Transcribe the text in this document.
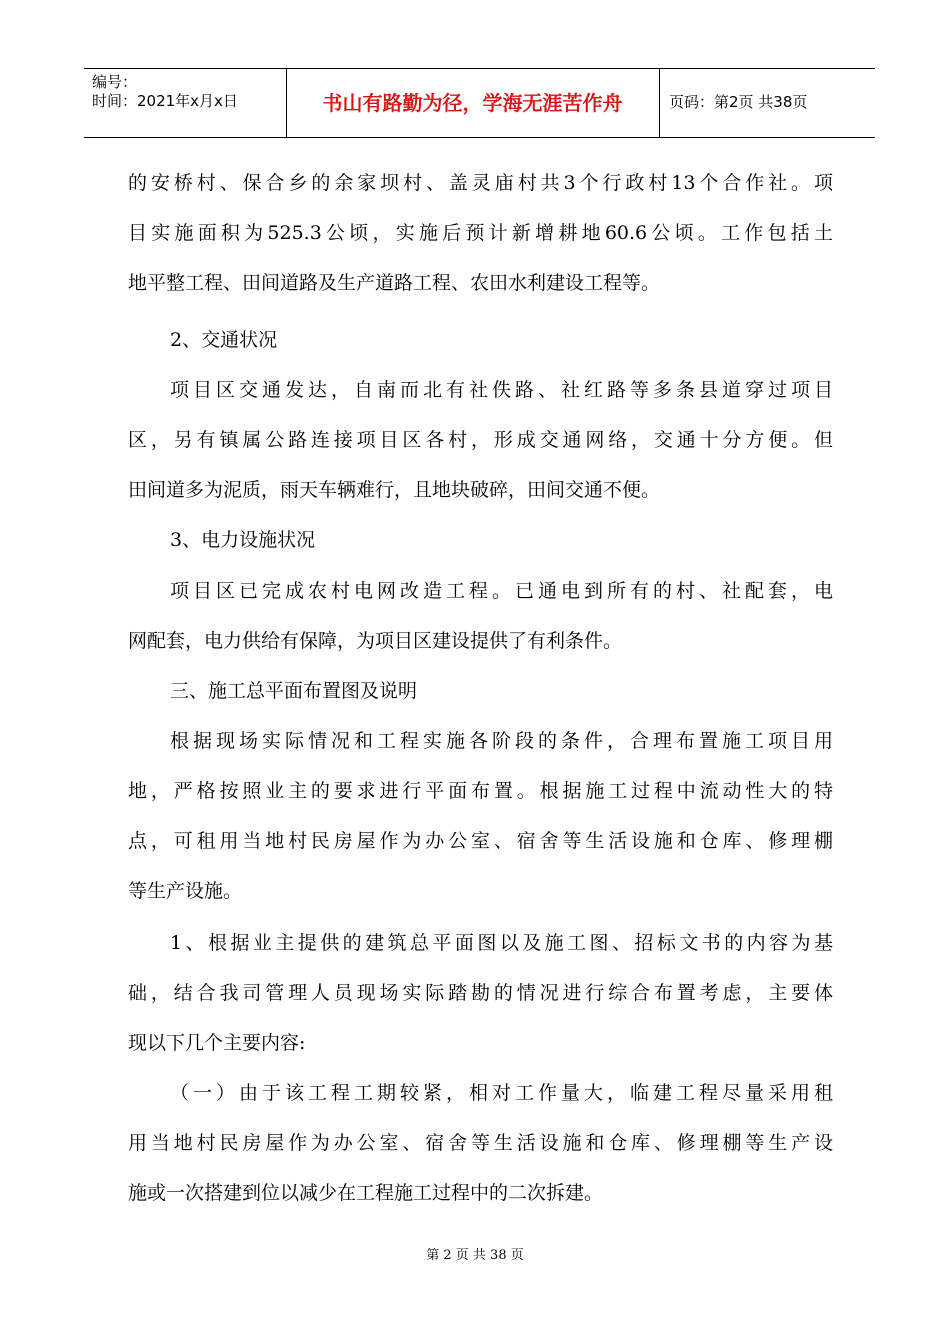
编号：
时间：2021年x月x日	书山有路勤为径，学海无涯苦作舟	页码：第2页 共38页
的安桥村、保合乡的余家坝村、盖灵庙村共3个行政村13个合作社。项
目实施面积为525.3公顷，实施后预计新增耕地60.6公顷。工作包括土
地平整工程、田间道路及生产道路工程、农田水利建设工程等。
2、交通状况
项目区交通发达，自南而北有社佚路、社红路等多条县道穿过项目
区，另有镇属公路连接项目区各村，形成交通网络，交通十分方便。但
田间道多为泥质，雨天车辆难行，且地块破碎，田间交通不便。
3、电力设施状况
项目区已完成农村电网改造工程。已通电到所有的村、社配套，电
网配套，电力供给有保障，为项目区建设提供了有利条件。
三、施工总平面布置图及说明
根据现场实际情况和工程实施各阶段的条件，合理布置施工项目用
地，严格按照业主的要求进行平面布置。根据施工过程中流动性大的特
点，可租用当地村民房屋作为办公室、宿舍等生活设施和仓库、修理棚
等生产设施。
1、根据业主提供的建筑总平面图以及施工图、招标文书的内容为基
础，结合我司管理人员现场实际踏勘的情况进行综合布置考虑，主要体
现以下几个主要内容:
（一）由于该工程工期较紧，相对工作量大，临建工程尽量采用租
用当地村民房屋作为办公室、宿舍等生活设施和仓库、修理棚等生产设
施或一次搭建到位以减少在工程施工过程中的二次拆建。
第 2 页 共 38 页
